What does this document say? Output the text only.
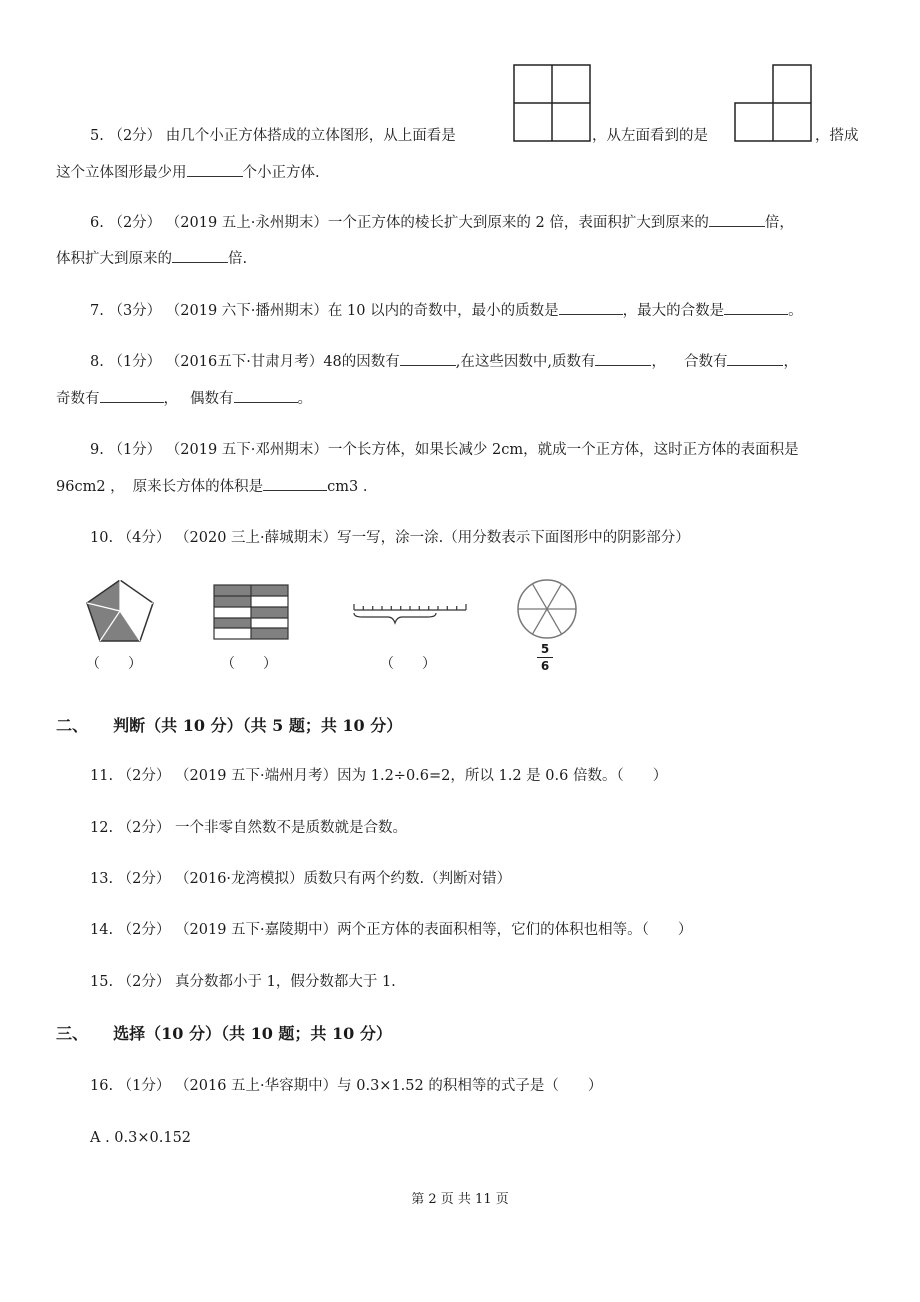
5. （2分） 由几个小正方体搭成的立体图形，从上面看是	，从左面看到的是	，搭成
这个立体图形最少用	个小正方体.
6. （2分） （2019 五上·永州期末）一个正方体的棱长扩大到原来的 2 倍，表面积扩大到原来的	倍，
体积扩大到原来的	倍.
7. （3分） （2019 六下·播州期末）在 10 以内的奇数中，最小的质数是	，最大的合数是	。
8. （1分） （2016五下·甘肃月考）48的因数有	,在这些因数中,质数有	， 合数有	，
奇数有	， 偶数有	。
9. （1分） （2019 五下·邓州期末）一个长方体，如果长减少 2cm，就成一个正方体，这时正方体的表面积是
96cm2 ， 原来长方体的体积是	cm3 .
10. （4分） （2020 三上·薛城期末）写一写，涂一涂.（用分数表示下面图形中的阴影部分）
（　　）	（　　）	（　　）
5
6
二、 判断（共 10 分）（共 5 题；共 10 分）
11. （2分） （2019 五下·端州月考）因为 1.2÷0.6=2，所以 1.2 是 0.6 倍数。（　　）
12. （2分） 一个非零自然数不是质数就是合数。
13. （2分） （2016·龙湾模拟）质数只有两个约数.（判断对错）
14. （2分） （2019 五下·嘉陵期中）两个正方体的表面积相等，它们的体积也相等。（　　）
15. （2分） 真分数都小于 1，假分数都大于 1.
三、 选择（10 分）（共 10 题；共 10 分）
16. （1分） （2016 五上·华容期中）与 0.3×1.52 的积相等的式子是（　　）
A . 0.3×0.152
第 2 页 共 11 页
